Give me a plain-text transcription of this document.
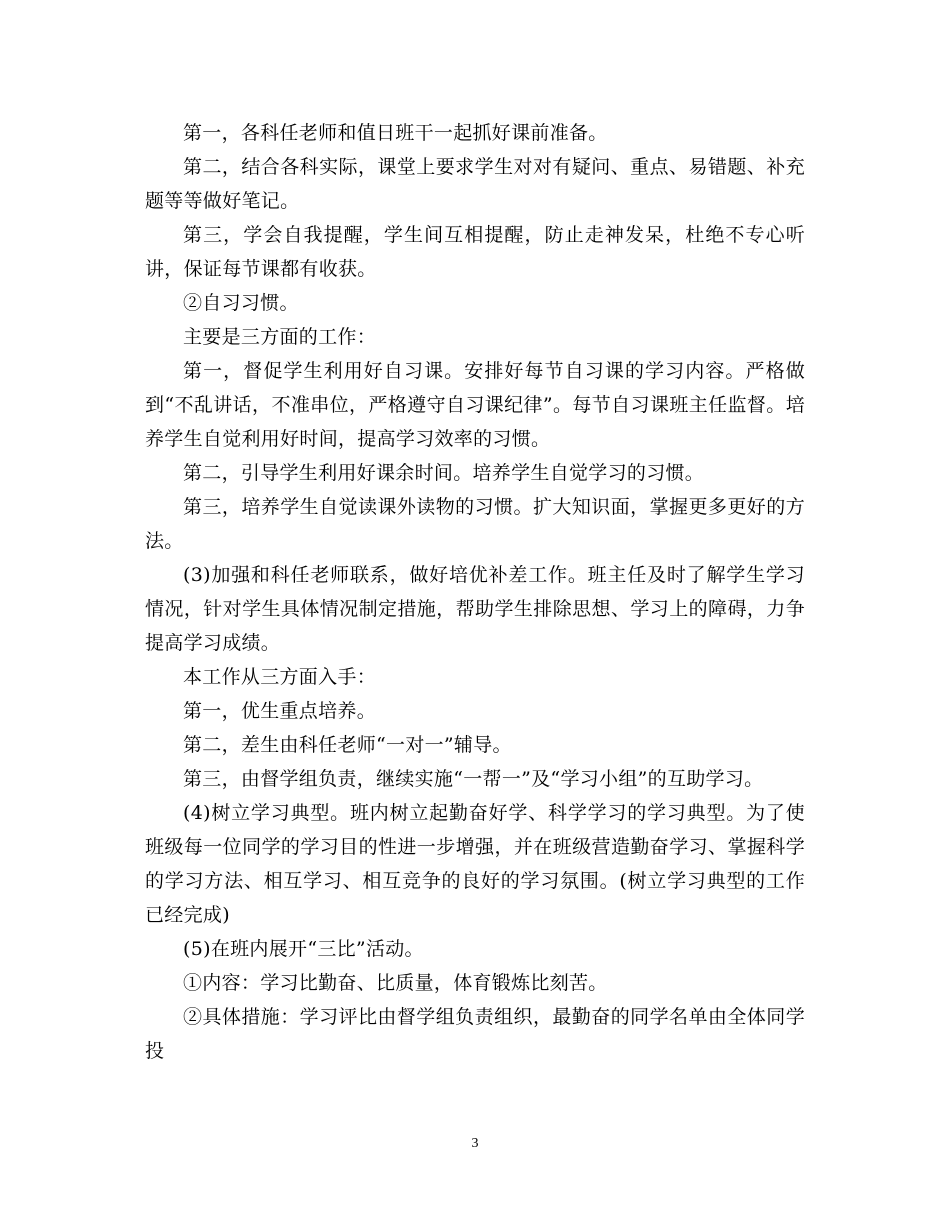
第一，各科任老师和值日班干一起抓好课前准备。

第二，结合各科实际，课堂上要求学生对对有疑问、重点、易错题、补充题等等做好笔记。

第三，学会自我提醒，学生间互相提醒，防止走神发呆，杜绝不专心听讲，保证每节课都有收获。

②自习习惯。

主要是三方面的工作：

第一，督促学生利用好自习课。安排好每节自习课的学习内容。严格做到“不乱讲话，不准串位，严格遵守自习课纪律”。每节自习课班主任监督。培养学生自觉利用好时间，提高学习效率的习惯。

第二，引导学生利用好课余时间。培养学生自觉学习的习惯。

第三，培养学生自觉读课外读物的习惯。扩大知识面，掌握更多更好的方法。

(3)加强和科任老师联系，做好培优补差工作。班主任及时了解学生学习情况，针对学生具体情况制定措施，帮助学生排除思想、学习上的障碍，力争提高学习成绩。

本工作从三方面入手：

第一，优生重点培养。

第二，差生由科任老师“一对一”辅导。

第三，由督学组负责，继续实施“一帮一”及“学习小组”的互助学习。

(4)树立学习典型。班内树立起勤奋好学、科学学习的学习典型。为了使班级每一位同学的学习目的性进一步增强，并在班级营造勤奋学习、掌握科学的学习方法、相互学习、相互竞争的良好的学习氛围。(树立学习典型的工作已经完成)

(5)在班内展开“三比”活动。

①内容：学习比勤奋、比质量，体育锻炼比刻苦。

②具体措施：学习评比由督学组负责组织，最勤奋的同学名单由全体同学投

3
